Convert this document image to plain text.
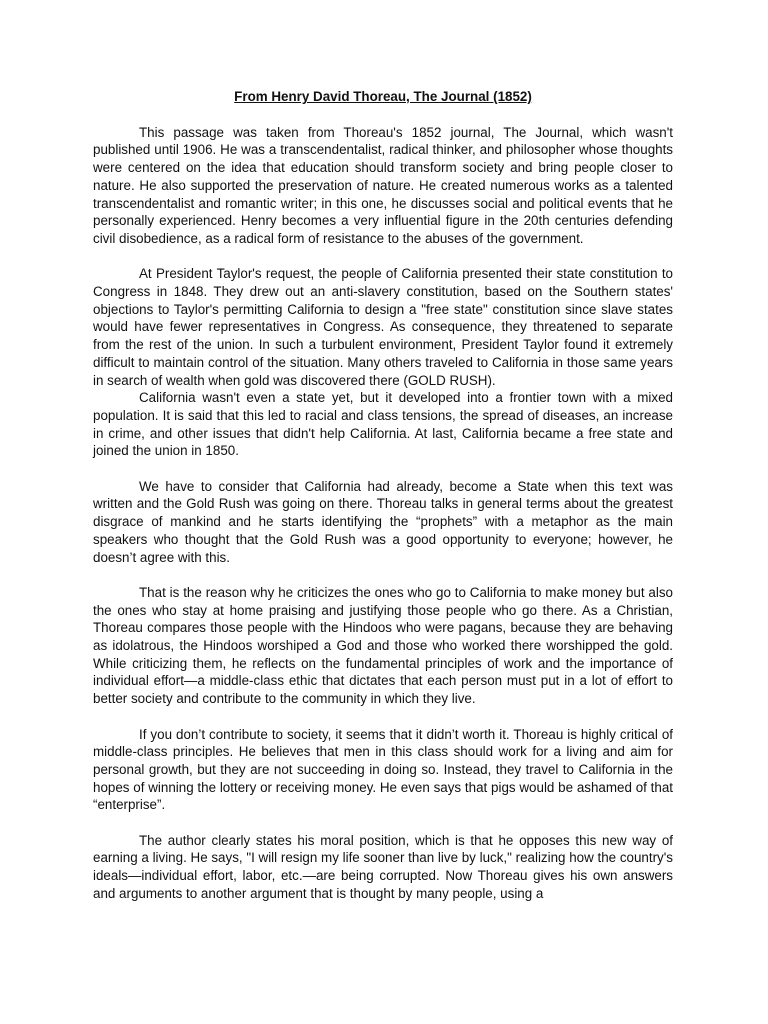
From Henry David Thoreau, The Journal (1852)

This passage was taken from Thoreau's 1852 journal, The Journal, which wasn't published until 1906. He was a transcendentalist, radical thinker, and philosopher whose thoughts were centered on the idea that education should transform society and bring people closer to nature. He also supported the preservation of nature. He created numerous works as a talented transcendentalist and romantic writer; in this one, he discusses social and political events that he personally experienced. Henry becomes a very influential figure in the 20th centuries defending civil disobedience, as a radical form of resistance to the abuses of the government.

At President Taylor's request, the people of California presented their state constitution to Congress in 1848. They drew out an anti-slavery constitution, based on the Southern states' objections to Taylor's permitting California to design a "free state" constitution since slave states would have fewer representatives in Congress. As consequence, they threatened to separate from the rest of the union. In such a turbulent environment, President Taylor found it extremely difficult to maintain control of the situation. Many others traveled to California in those same years in search of wealth when gold was discovered there (GOLD RUSH).

California wasn't even a state yet, but it developed into a frontier town with a mixed population. It is said that this led to racial and class tensions, the spread of diseases, an increase in crime, and other issues that didn't help California. At last, California became a free state and joined the union in 1850.

We have to consider that California had already, become a State when this text was written and the Gold Rush was going on there. Thoreau talks in general terms about the greatest disgrace of mankind and he starts identifying the “prophets” with a metaphor as the main speakers who thought that the Gold Rush was a good opportunity to everyone; however, he doesn’t agree with this.

That is the reason why he criticizes the ones who go to California to make money but also the ones who stay at home praising and justifying those people who go there. As a Christian, Thoreau compares those people with the Hindoos who were pagans, because they are behaving as idolatrous, the Hindoos worshiped a God and those who worked there worshipped the gold. While criticizing them, he reflects on the fundamental principles of work and the importance of individual effort—a middle-class ethic that dictates that each person must put in a lot of effort to better society and contribute to the community in which they live.

If you don’t contribute to society, it seems that it didn’t worth it. Thoreau is highly critical of middle-class principles. He believes that men in this class should work for a living and aim for personal growth, but they are not succeeding in doing so. Instead, they travel to California in the hopes of winning the lottery or receiving money. He even says that pigs would be ashamed of that “enterprise”.

The author clearly states his moral position, which is that he opposes this new way of earning a living. He says, "I will resign my life sooner than live by luck," realizing how the country's ideals—individual effort, labor, etc.—are being corrupted. Now Thoreau gives his own answers and arguments to another argument that is thought by many people, using a
